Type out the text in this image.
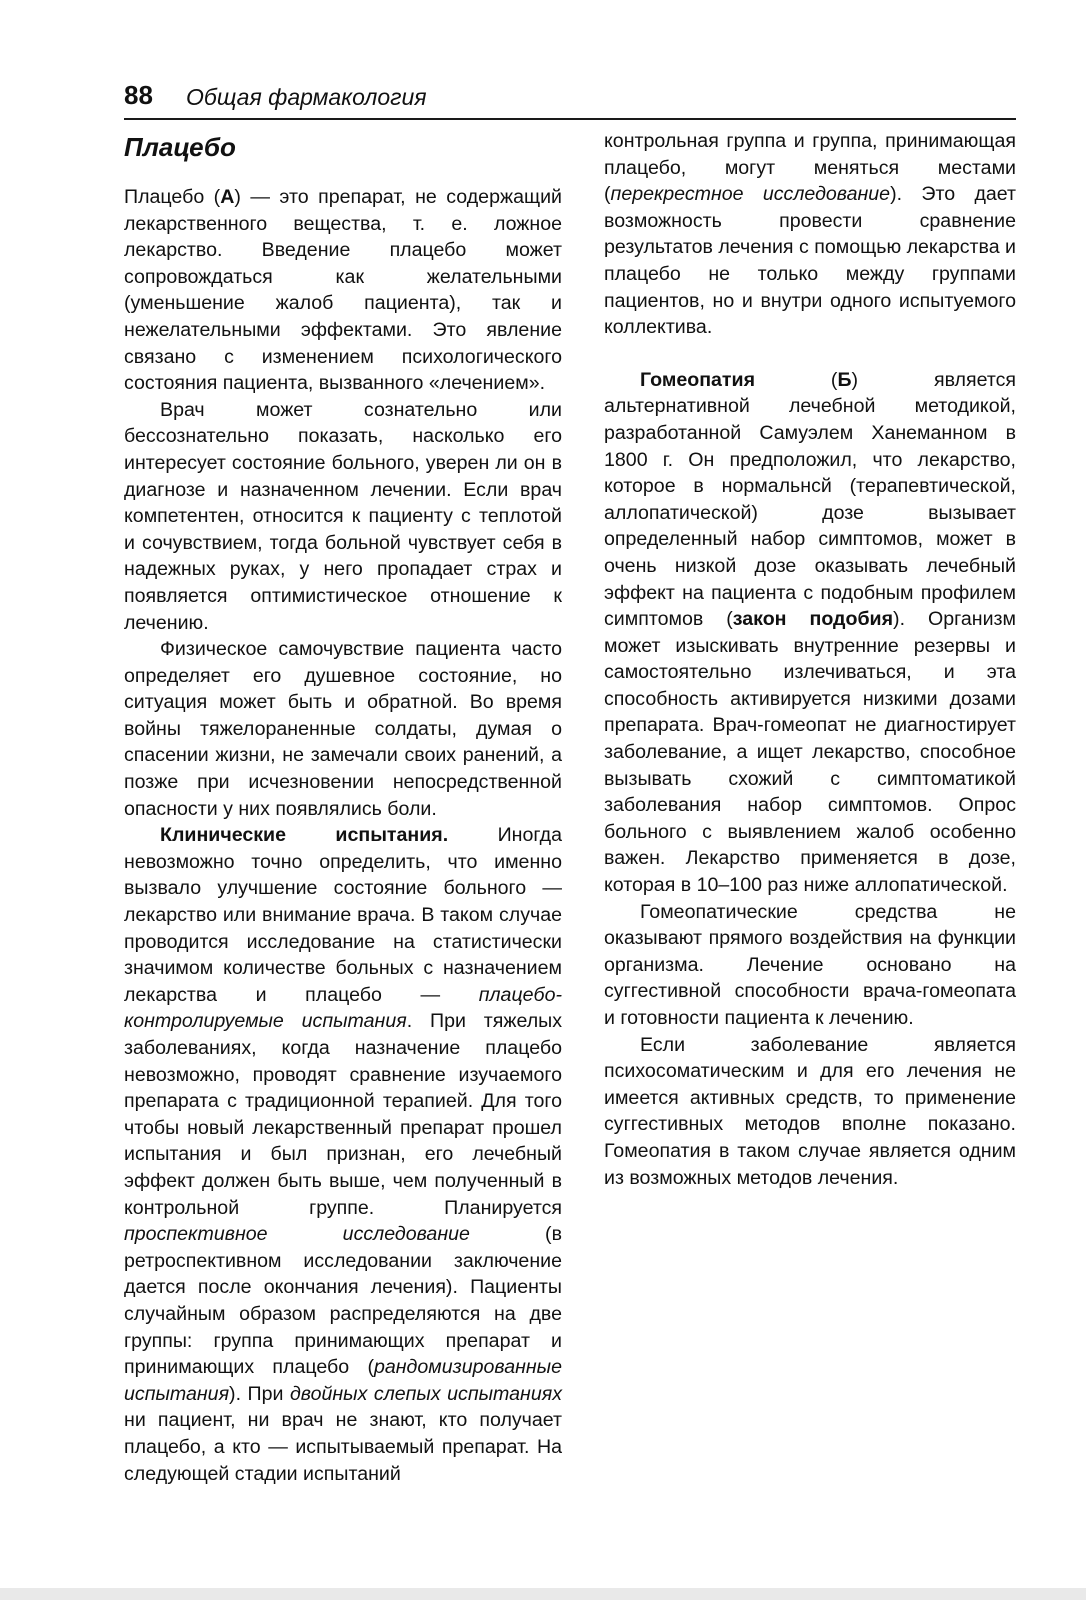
88 Общая фармакология
Плацебо

Плацебо (А) — это препарат, не содержащий лекарственного вещества, т. е. ложное лекарство. Введение плацебо может сопровождаться как желательными (уменьшение жалоб пациента), так и нежелательными эффектами. Это явление связано с изменением психологического состояния пациента, вызванного «лечением».

Врач может сознательно или бессознательно показать, насколько его интересует состояние больного, уверен ли он в диагнозе и назначенном лечении. Если врач компетентен, относится к пациенту с теплотой и сочувствием, тогда больной чувствует себя в надежных руках, у него пропадает страх и появляется оптимистическое отношение к лечению.

Физическое самочувствие пациента часто определяет его душевное состояние, но ситуация может быть и обратной. Во время войны тяжелораненные солдаты, думая о спасении жизни, не замечали своих ранений, а позже при исчезновении непосредственной опасности у них появлялись боли.

Клинические испытания. Иногда невозможно точно определить, что именно вызвало улучшение состояние больного — лекарство или внимание врача. В таком случае проводится исследование на статистически значимом количестве больных с назначением лекарства и плацебо — плацебо-контролируемые испытания. При тяжелых заболеваниях, когда назначение плацебо невозможно, проводят сравнение изучаемого препарата с традиционной терапией. Для того чтобы новый лекарственный препарат прошел испытания и был признан, его лечебный эффект должен быть выше, чем полученный в контрольной группе. Планируется проспективное исследование (в ретроспективном исследовании заключение дается после окончания лечения). Пациенты случайным образом распределяются на две группы: группа принимающих препарат и принимающих плацебо (рандомизированные испытания). При двойных слепых испытаниях ни пациент, ни врач не знают, кто получает плацебо, а кто — испытываемый препарат. На следующей стадии испытаний

контрольная группа и группа, принимающая плацебо, могут меняться местами (перекрестное исследование). Это дает возможность провести сравнение результатов лечения с помощью лекарства и плацебо не только между группами пациентов, но и внутри одного испытуемого коллектива.

Гомеопатия (Б) является альтернативной лечебной методикой, разработанной Самуэлем Ханеманном в 1800 г. Он предположил, что лекарство, которое в нормальнсй (терапевтической, аллопатической) дозе вызывает определенный набор симптомов, может в очень низкой дозе оказывать лечебный эффект на пациента с подобным профилем симптомов (закон подобия). Организм может изыскивать внутренние резервы и самостоятельно излечиваться, и эта способность активируется низкими дозами препарата. Врач-гомеопат не диагностирует заболевание, а ищет лекарство, способное вызывать схожий с симптоматикой заболевания набор симптомов. Опрос больного с выявлением жалоб особенно важен. Лекарство применяется в дозе, которая в 10–100 раз ниже аллопатической.

Гомеопатические средства не оказывают прямого воздействия на функции организма. Лечение основано на суггестивной способности врача-гомеопата и готовности пациента к лечению.

Если заболевание является психосоматическим и для его лечения не имеется активных средств, то применение суггестивных методов вполне показано. Гомеопатия в таком случае является одним из возможных методов лечения.
